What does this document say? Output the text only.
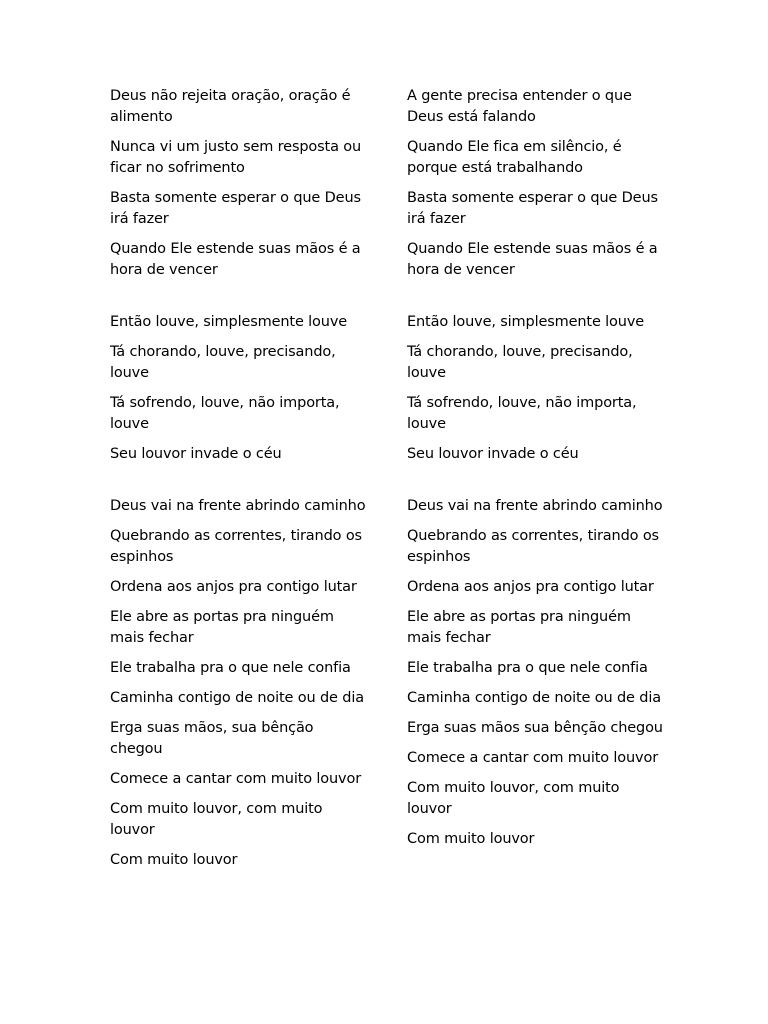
Deus não rejeita oração, oração é alimento

Nunca vi um justo sem resposta ou ficar no sofrimento

Basta somente esperar o que Deus irá fazer

Quando Ele estende suas mãos é a hora de vencer

Então louve, simplesmente louve

Tá chorando, louve, precisando, louve

Tá sofrendo, louve, não importa, louve

Seu louvor invade o céu

Deus vai na frente abrindo caminho

Quebrando as correntes, tirando os espinhos

Ordena aos anjos pra contigo lutar

Ele abre as portas pra ninguém mais fechar

Ele trabalha pra o que nele confia

Caminha contigo de noite ou de dia

Erga suas mãos, sua bênção chegou

Comece a cantar com muito louvor

Com muito louvor, com muito louvor

Com muito louvor

A gente precisa entender o que Deus está falando

Quando Ele fica em silêncio, é porque está trabalhando

Basta somente esperar o que Deus irá fazer

Quando Ele estende suas mãos é a hora de vencer

Então louve, simplesmente louve

Tá chorando, louve, precisando, louve

Tá sofrendo, louve, não importa, louve

Seu louvor invade o céu

Deus vai na frente abrindo caminho

Quebrando as correntes, tirando os espinhos

Ordena aos anjos pra contigo lutar

Ele abre as portas pra ninguém mais fechar

Ele trabalha pra o que nele confia

Caminha contigo de noite ou de dia

Erga suas mãos sua bênção chegou

Comece a cantar com muito louvor

Com muito louvor, com muito louvor

Com muito louvor
